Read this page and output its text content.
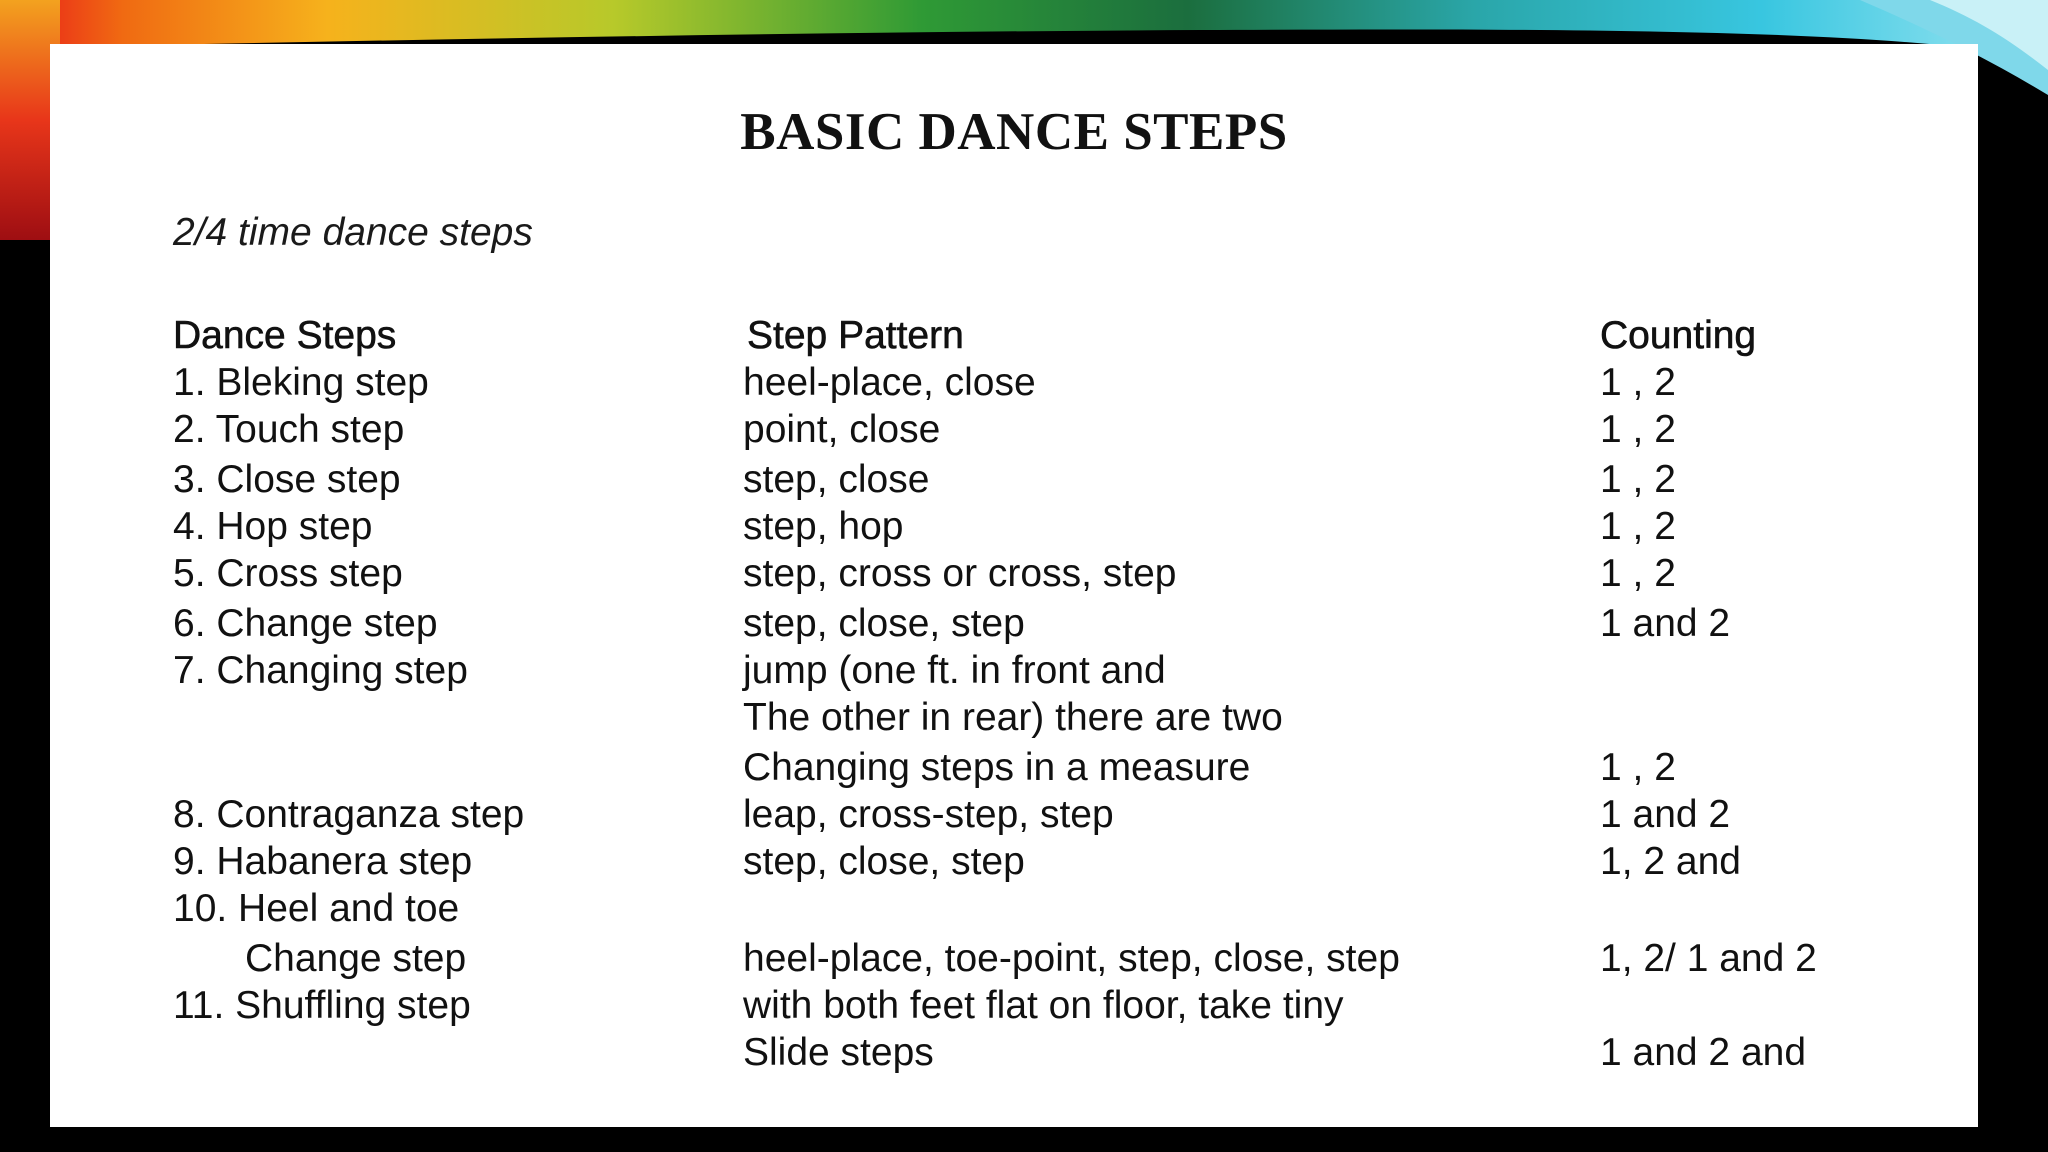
BASIC DANCE STEPS
2/4 time dance steps
Dance Steps	Step Pattern	Counting
1. Bleking step	heel-place, close	1 , 2
2. Touch step	point, close	1 , 2
3. Close step	step, close	1 , 2
4. Hop step	step, hop	1 , 2
5. Cross step	step, cross or cross, step	1 , 2
6. Change step	step, close, step	1 and 2
7. Changing step	jump (one ft. in front and
The other in rear) there are two
Changing steps in a measure	1 , 2
8. Contraganza step	leap, cross-step, step	1 and 2
9. Habanera step	step, close, step	1, 2 and
10. Heel and toe
Change step	heel-place, toe-point, step, close, step	1, 2/ 1 and 2
11. Shuffling step	with both feet flat on floor, take tiny
Slide steps	1 and 2 and
